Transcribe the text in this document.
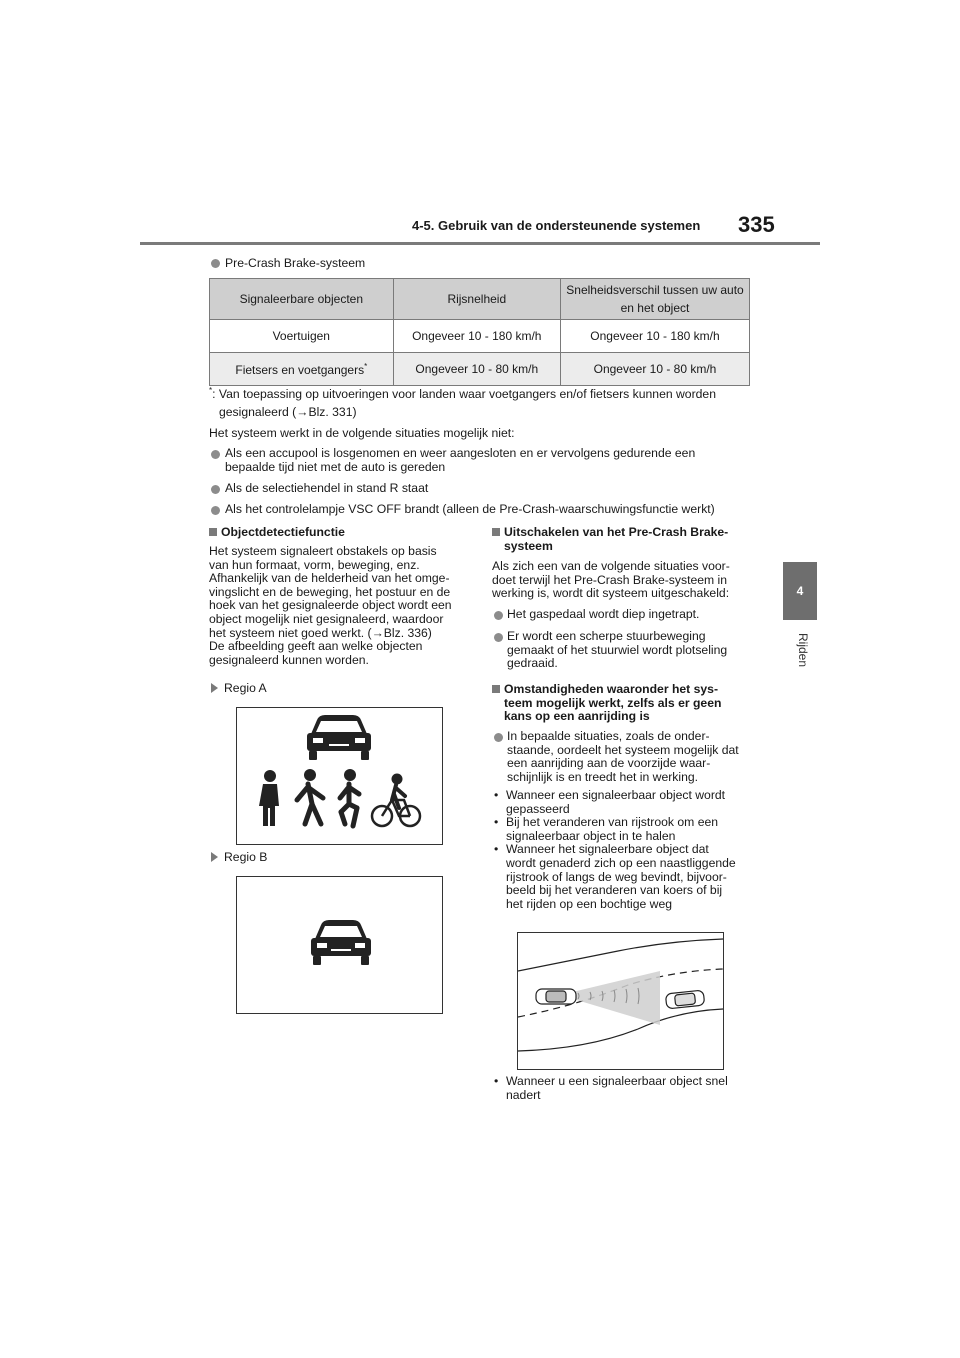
4-5. Gebruik van de ondersteunende systemen 335
4
Rijden
Pre-Crash Brake-systeem
Signaleerbare objecten	Rijsnelheid	Snelheidsverschil tussen uw auto en het object
Voertuigen	Ongeveer 10 - 180 km/h	Ongeveer 10 - 180 km/h
Fietsers en voetgangers*	Ongeveer 10 - 80 km/h	Ongeveer 10 - 80 km/h
*: Van toepassing op uitvoeringen voor landen waar voetgangers en/of fietsers kunnen worden
gesignaleerd (→Blz. 331)
Het systeem werkt in de volgende situaties mogelijk niet:
Als een accupool is losgenomen en weer aangesloten en er vervolgens gedurende een
bepaalde tijd niet met de auto is gereden
Als de selectiehendel in stand R staat
Als het controlelampje VSC OFF brandt (alleen de Pre-Crash-waarschuwingsfunctie werkt)
Objectdetectiefunctie
Het systeem signaleert obstakels op basis
van hun formaat, vorm, beweging, enz.
Afhankelijk van de helderheid van het omge-
vingslicht en de beweging, het postuur en de
hoek van het gesignaleerde object wordt een
object mogelijk niet gesignaleerd, waardoor
het systeem niet goed werkt. (→Blz. 336)
De afbeelding geeft aan welke objecten
gesignaleerd kunnen worden.
Regio A
Regio B
Uitschakelen van het Pre-Crash Brake-
systeem
Als zich een van de volgende situaties voor-
doet terwijl het Pre-Crash Brake-systeem in
werking is, wordt dit systeem uitgeschakeld:
Het gaspedaal wordt diep ingetrapt.
Er wordt een scherpe stuurbeweging
gemaakt of het stuurwiel wordt plotseling
gedraaid.
Omstandigheden waaronder het sys-
teem mogelijk werkt, zelfs als er geen
kans op een aanrijding is
In bepaalde situaties, zoals de onder-
staande, oordeelt het systeem mogelijk dat
een aanrijding aan de voorzijde waar-
schijnlijk is en treedt het in werking.
• Wanneer een signaleerbaar object wordt
gepasseerd
• Bij het veranderen van rijstrook om een
signaleerbaar object in te halen
• Wanneer het signaleerbare object dat
wordt genaderd zich op een naastliggende
rijstrook of langs de weg bevindt, bijvoor-
beeld bij het veranderen van koers of bij
het rijden op een bochtige weg
• Wanneer u een signaleerbaar object snel
nadert
